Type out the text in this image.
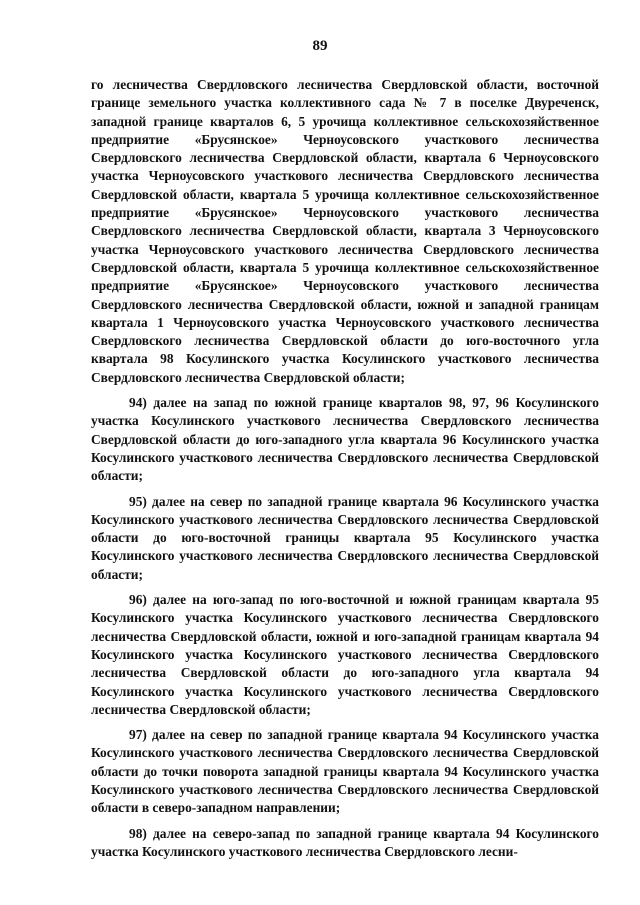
89

го лесничества Свердловского лесничества Свердловской области, восточной границе земельного участка коллективного сада № 7 в поселке Двуреченск, западной границе кварталов 6, 5 урочища коллективное сельскохозяйственное предприятие «Брусянское» Черноусовского участкового лесничества Свердловского лесничества Свердловской области, квартала 6 Черноусовского участка Черноусовского участкового лесничества Свердловского лесничества Свердловской области, квартала 5 урочища коллективное сельскохозяйственное предприятие «Брусянское» Черноусовского участкового лесничества Свердловского лесничества Свердловской области, квартала 3 Черноусовского участка Черноусовского участкового лесничества Свердловского лесничества Свердловской области, квартала 5 урочища коллективное сельскохозяйственное предприятие «Брусянское» Черноусовского участкового лесничества Свердловского лесничества Свердловской области, южной и западной границам квартала 1 Черноусовского участка Черноусовского участкового лесничества Свердловского лесничества Свердловской области до юго-восточного угла квартала 98 Косулинского участка Косулинского участкового лесничества Свердловского лесничества Свердловской области;

94) далее на запад по южной границе кварталов 98, 97, 96 Косулинского участка Косулинского участкового лесничества Свердловского лесничества Свердловской области до юго-западного угла квартала 96 Косулинского участка Косулинского участкового лесничества Свердловского лесничества Свердловской области;

95) далее на север по западной границе квартала 96 Косулинского участка Косулинского участкового лесничества Свердловского лесничества Свердловской области до юго-восточной границы квартала 95 Косулинского участка Косулинского участкового лесничества Свердловского лесничества Свердловской области;

96) далее на юго-запад по юго-восточной и южной границам квартала 95 Косулинского участка Косулинского участкового лесничества Свердловского лесничества Свердловской области, южной и юго-западной границам квартала 94 Косулинского участка Косулинского участкового лесничества Свердловского лесничества Свердловской области до юго-западного угла квартала 94 Косулинского участка Косулинского участкового лесничества Свердловского лесничества Свердловской области;

97) далее на север по западной границе квартала 94 Косулинского участка Косулинского участкового лесничества Свердловского лесничества Свердловской области до точки поворота западной границы квартала 94 Косулинского участка Косулинского участкового лесничества Свердловского лесничества Свердловской области в северо-западном направлении;

98) далее на северо-запад по западной границе квартала 94 Косулинского участка Косулинского участкового лесничества Свердловского лесни-
